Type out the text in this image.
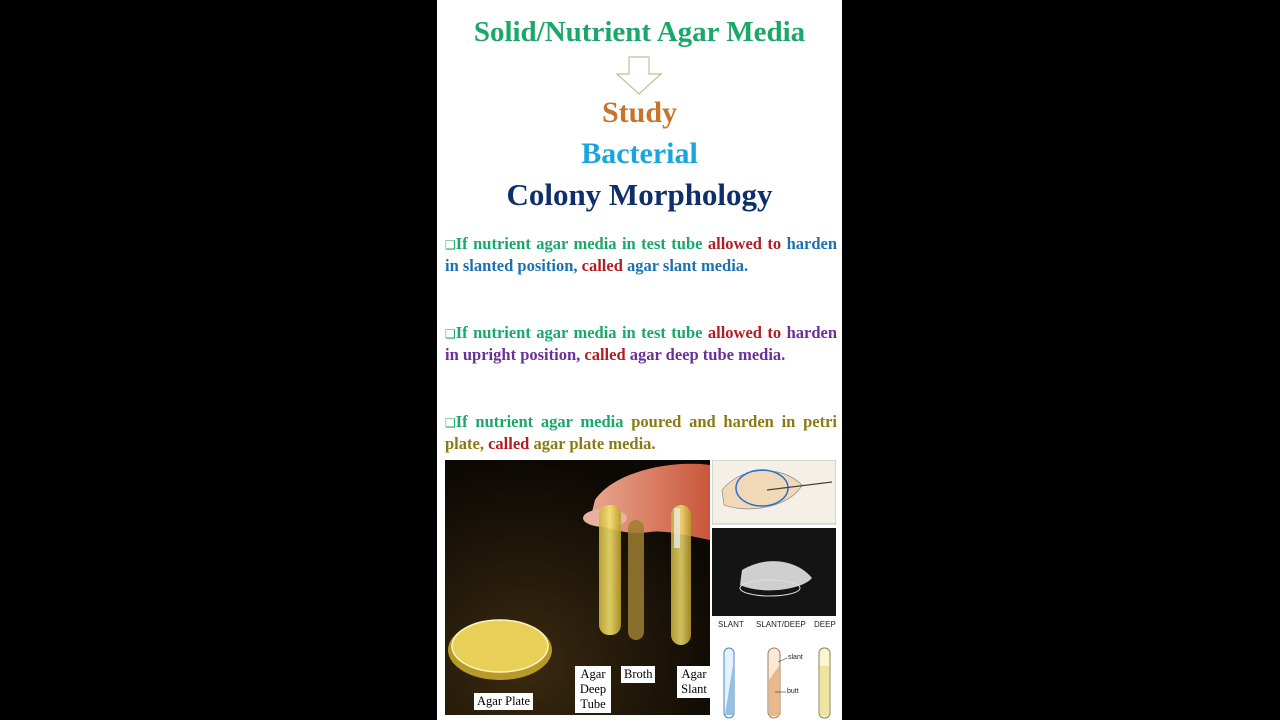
Solid/Nutrient Agar Media
Study
Bacterial
Colony Morphology
❑If nutrient agar media in test tube allowed to harden in slanted position, called agar slant media.
❑If nutrient agar media in test tube allowed to harden in upright position, called agar deep tube media.
❑If nutrient agar media poured and harden in petri plate, called agar plate media.
Agar Plate
Agar
Deep
Tube
Broth	Agar
Slant
SLANT SLANT/DEEP DEEP
slant
butt
